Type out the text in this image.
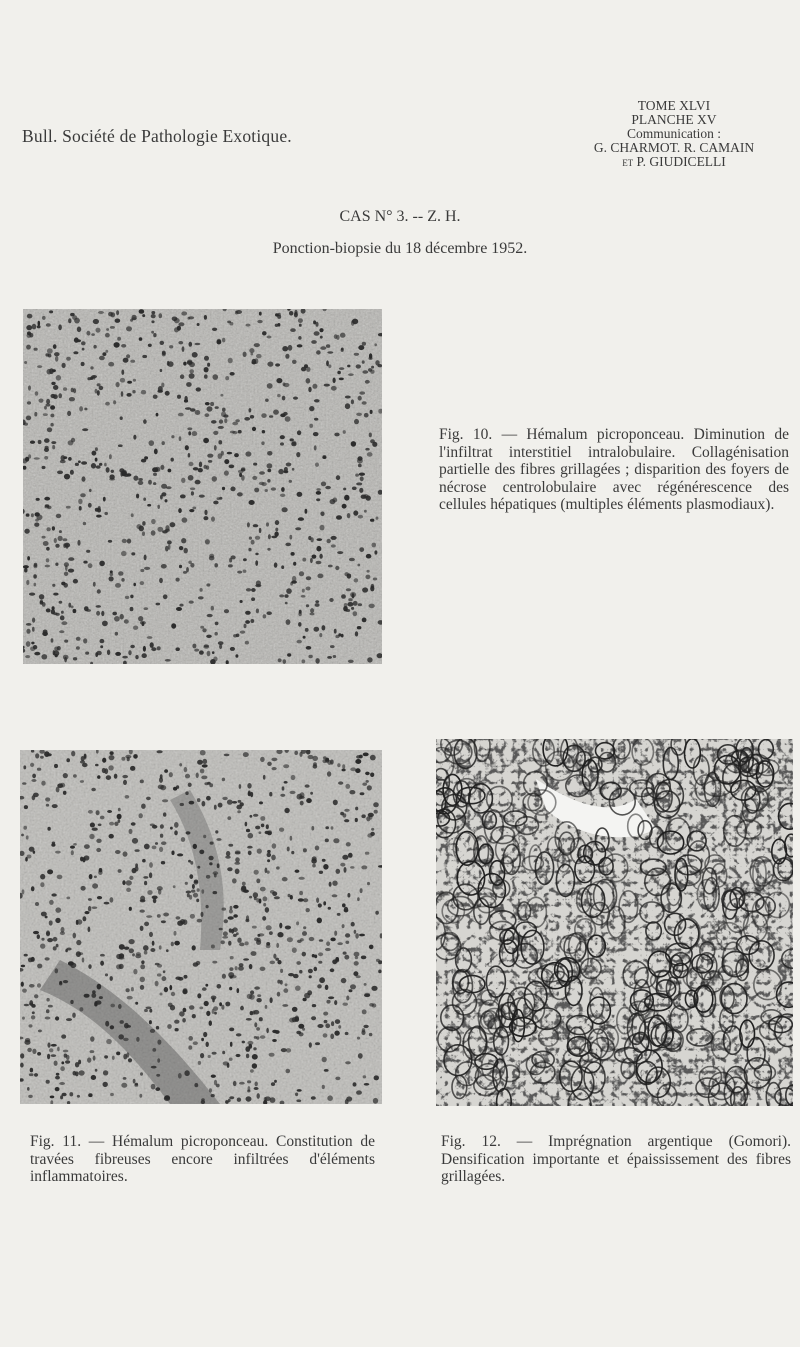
Bull. Société de Pathologie Exotique.
TOME XLVI
PLANCHE XV
Communication :
G. CHARMOT. R. CAMAIN
et P. GIUDICELLI
CAS N° 3. -- Z. H.
Ponction-biopsie du 18 décembre 1952.
Fig. 10. — Hémalum picroponceau. Diminution de l'infiltrat interstitiel intralobulaire. Collagénisation partielle des fibres grillagées ; disparition des foyers de nécrose centrolobulaire avec régénérescence des cellules hépatiques (multiples éléments plasmodiaux).
Fig. 11. — Hémalum picroponceau. Constitution de travées fibreuses encore infiltrées d'éléments inflammatoires.
Fig. 12. — Imprégnation argentique (Gomori). Densification importante et épaississement des fibres grillagées.
